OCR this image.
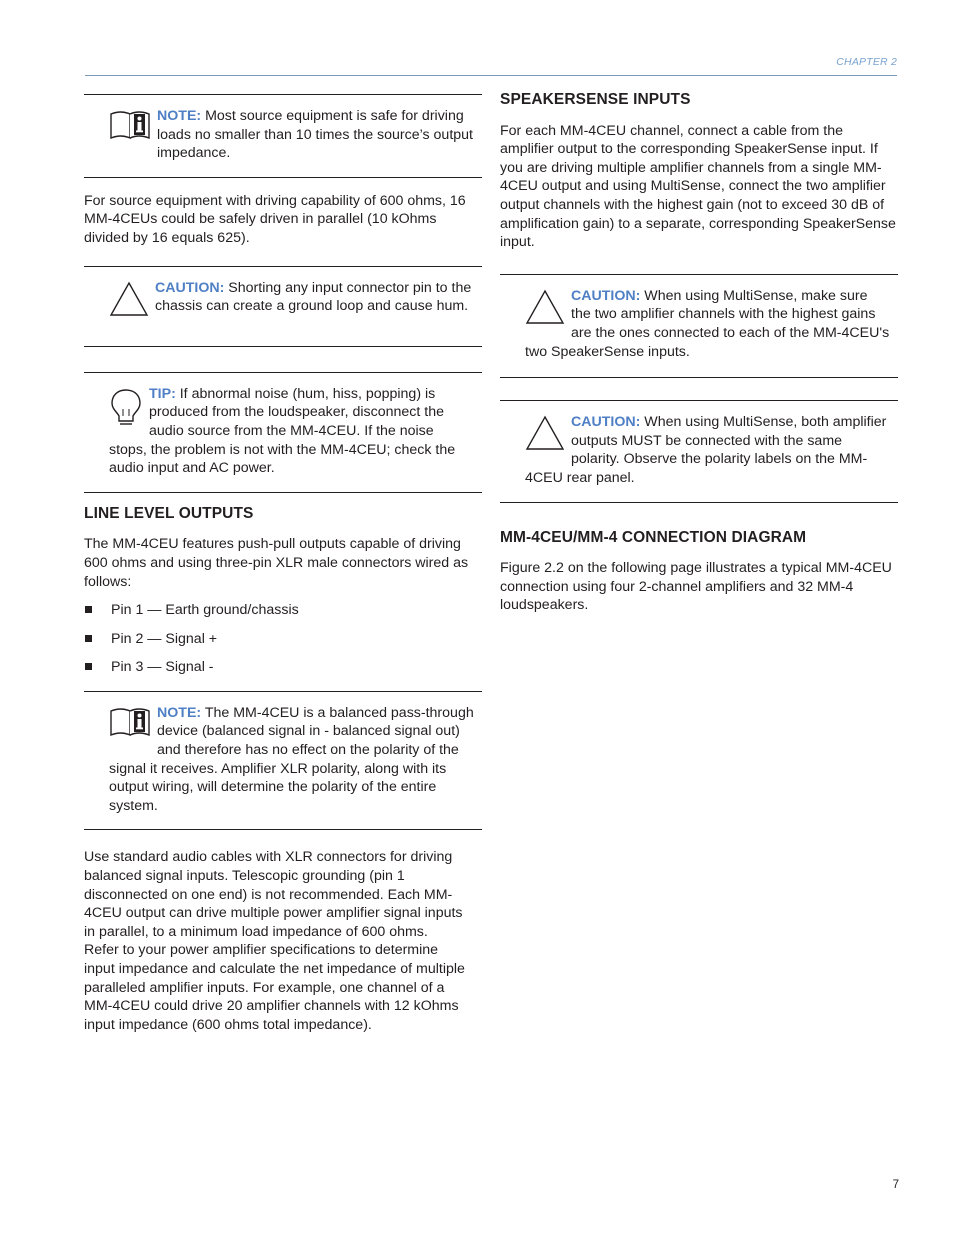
CHAPTER 2

NOTE: Most source equipment is safe for driving loads no smaller than 10 times the source’s output impedance.

For source equipment with driving capability of 600 ohms, 16 MM-4CEUs could be safely driven in parallel (10 kOhms divided by 16 equals 625).

CAUTION: Shorting any input connector pin to the chassis can create a ground loop and cause hum.

TIP: If abnormal noise (hum, hiss, popping) is produced from the loudspeaker, disconnect the audio source from the MM-4CEU. If the noise stops, the problem is not with the MM-4CEU; check the audio input and AC power.

LINE LEVEL OUTPUTS

The MM-4CEU features push-pull outputs capable of driving 600 ohms and using three-pin XLR male connectors wired as follows:

Pin 1 — Earth ground/chassis
Pin 2 — Signal +
Pin 3 — Signal -

NOTE: The MM-4CEU is a balanced pass-through device (balanced signal in - balanced signal out) and therefore has no effect on the polarity of the signal it receives. Amplifier XLR polarity, along with its output wiring, will determine the polarity of the entire system.

Use standard audio cables with XLR connectors for driving balanced signal inputs. Telescopic grounding (pin 1 disconnected on one end) is not recommended. Each MM-4CEU output can drive multiple power amplifier signal inputs in parallel, to a minimum load impedance of 600 ohms. Refer to your power amplifier specifications to determine input impedance and calculate the net impedance of multiple paralleled amplifier inputs. For example, one channel of a MM-4CEU could drive 20 amplifier channels with 12 kOhms input impedance (600 ohms total impedance).

SPEAKERSENSE INPUTS

For each MM-4CEU channel, connect a cable from the amplifier output to the corresponding SpeakerSense input. If you are driving multiple amplifier channels from a single MM-4CEU output and using MultiSense, connect the two amplifier output channels with the highest gain (not to exceed 30 dB of amplification gain) to a separate, corresponding SpeakerSense input.

CAUTION: When using MultiSense, make sure the two amplifier channels with the highest gains are the ones connected to each of the MM-4CEU's two SpeakerSense inputs.

CAUTION: When using MultiSense, both amplifier outputs MUST be connected with the same polarity. Observe the polarity labels on the MM-4CEU rear panel.

MM-4CEU/MM-4 CONNECTION DIAGRAM

Figure 2.2 on the following page illustrates a typical MM-4CEU connection using four 2-channel amplifiers and 32 MM-4 loudspeakers.

7
